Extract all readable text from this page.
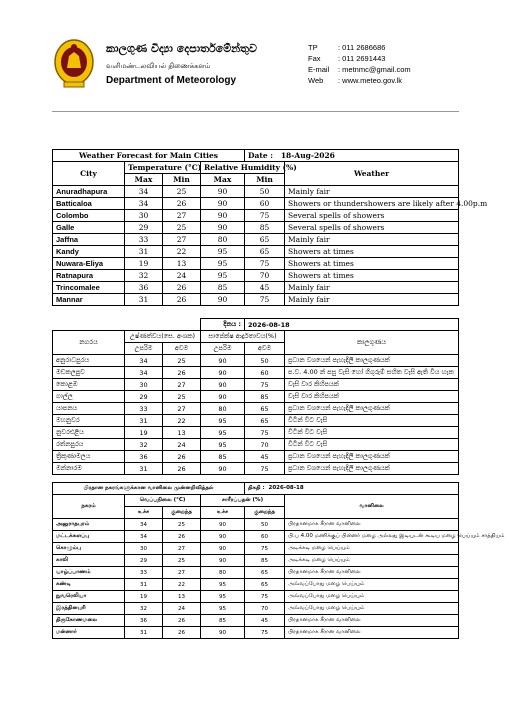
කාලගුණ විද්‍යා දෙපාර්තමේන්තුව
வளிமண்டலவியல் திணைக்களம்
Department of Meteorology
TP	: 011 2686686
Fax : 011 2691443
E-mail : metnmc@gmail.com
Web : www.meteo.gov.lk
Weather Forecast for Main Cities				Date : 18-Aug-2026	
City	Temperature (°C)		Relative Humidity (%)		Weather
	Max	Min	Max	Min	
Anuradhapura	34	25	90	50	Mainly fair
Batticaloa	34	26	90	60	Showers or thundershowers are likely after 4.00p.m
Colombo	30	27	90	75	Several spells of showers
Galle	29	25	90	85	Several spells of showers
Jaffna	33	27	80	65	Mainly fair
Kandy	31	22	95	65	Showers at times
Nuwara-Eliya	19	13	95	75	Showers at times
Ratnapura	32	24	95	70	Showers at times
Trincomalee	36	26	85	45	Mainly fair
Mannar	31	26	90	75	Mainly fair
			දිනය :	2026-08-18	
නගරය	උෂ්ණත්වය(සෙ. අංශක)		සාපේක්ෂ ආර්ද්‍රතාවය(%)		කාලගුණය
	උපරිම	අවම	උපරිම	අවම	
අනුරාධපුරය	34	25	90	50	ප්‍රධාන වශයෙන් පැහැදිලි කාලගුණයක්
මඩකලපුව	34	26	90	60	ප.ව. 4.00 න් පසු වැසි හෝ ගිගුරුම් සහිත වැසි ඇති විය හැක
කොළඹ	30	27	90	75	වැසි වාර කිහිපයක්
ගාල්ල	29	25	90	85	වැසි වාර කිහිපයක්
යාපනය	33	27	80	65	ප්‍රධාන වශයෙන් පැහැදිලි කාලගුණයක්
මහනුවර	31	22	95	65	විටින් විට වැසි
නුවරඑළිය	19	13	95	75	විටින් විට වැසි
රත්නපුරය	32	24	95	70	විටින් විට වැසි
ත්‍රිකුණාමලය	36	26	85	45	ප්‍රධාන වශයෙන් පැහැදිලි කාලගුණයක්
මන්නාරම	31	26	90	75	ප්‍රධාන වශයෙන් පැහැදිලි කාලගුණයක්
பிரதான நகரங்களுக்கான வானிலை முன்னறிவித்தல்				திகதி : 2026-08-18	
நகரம்	வெப்பநிலை (°C)		சாரீரப்பதன் (%)		வானிலை
	உச்ச	குறைந்த	உச்ச	குறைந்த	
அனுராதபுரம்	34	25	90	50	பிரதானமாக சீரான வானிலை
மட்டக்களப்பு	34	26	90	60	பி.ப 4.00 மணிக்குப் பின்னர் மழை அல்லது இடியுடன் கூடிய மழை பெய்யும் சாத்தியம்
கொழும்பு	30	27	90	75	அடிக்கடி மழை பெய்யும்
காலி	29	25	90	85	அடிக்கடி மழை பெய்யும்
யாழ்ப்பாணம்	33	27	80	65	பிரதானமாக சீரான வானிலை
கண்டி	31	22	95	65	அவ்வப்போது மழை பெய்யும்
நுவரெலியா	19	13	95	75	அவ்வப்போது மழை பெய்யும்
இரத்தினபுரி	32	24	95	70	அவ்வப்போது மழை பெய்யும்
திருகோணமலை	36	26	85	45	பிரதானமாக சீரான வானிலை
மன்னார்	31	26	90	75	பிரதானமாக சீரான வானிலை
